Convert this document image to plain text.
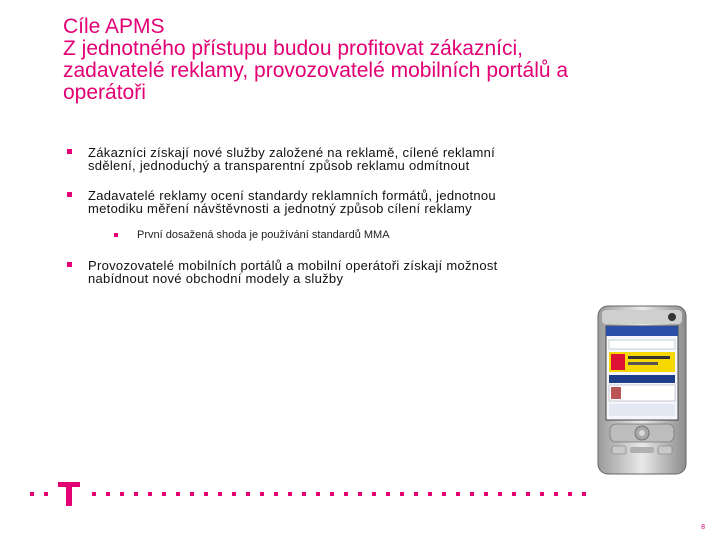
Cíle APMS
Z jednotného přístupu budou profitovat zákazníci,
zadavatelé reklamy, provozovatelé mobilních portálů a
operátoři
Zákazníci získají nové služby založené na reklamě, cílené reklamní
sdělení, jednoduchý a transparentní způsob reklamu odmítnout
Zadavatelé reklamy ocení standardy reklamních formátů, jednotnou
metodiku měření návštěvnosti a jednotný způsob cílení reklamy
První dosažená shoda je používání standardů MMA
Provozovatelé mobilních portálů a mobilní operátoři získají možnost
nabídnout nové obchodní modely a služby
8
